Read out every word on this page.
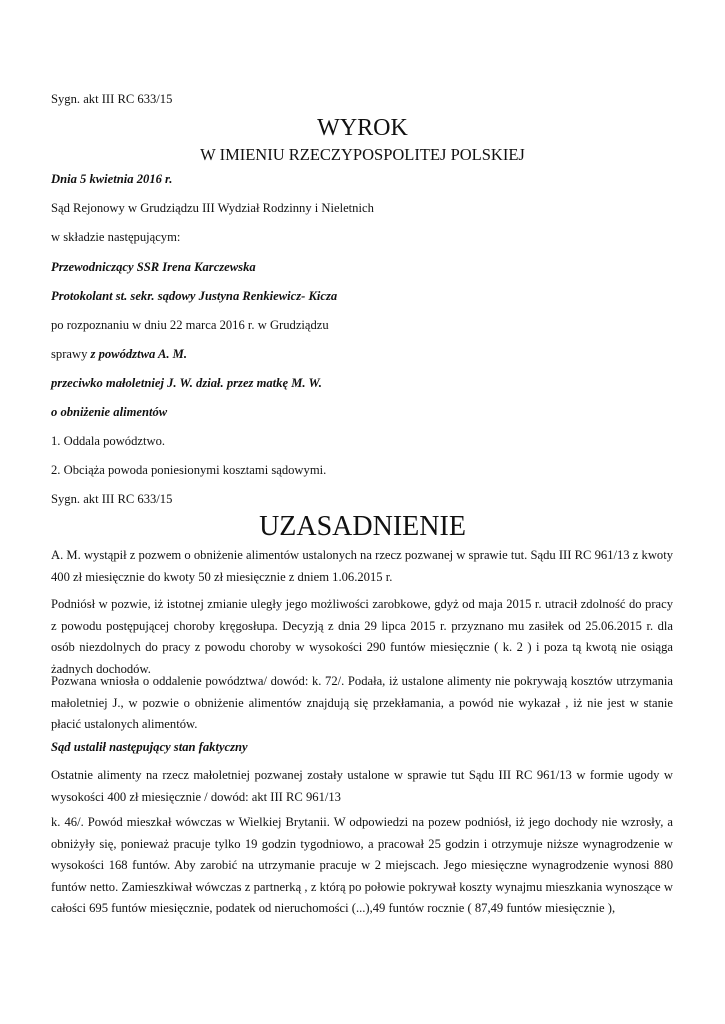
Sygn. akt III RC 633/15

WYROK

W IMIENIU RZECZYPOSPOLITEJ POLSKIEJ

Dnia 5 kwietnia 2016 r.

Sąd Rejonowy w Grudziądzu III Wydział Rodzinny i Nieletnich

w składzie następującym:

Przewodniczący SSR Irena Karczewska

Protokolant st. sekr. sądowy Justyna Renkiewicz- Kicza

po rozpoznaniu w dniu 22 marca 2016 r. w Grudziądzu

sprawy z powództwa A. M.

przeciwko małoletniej J. W. dział. przez matkę M. W.

o obniżenie alimentów

1. Oddala powództwo.

2. Obciąża powoda poniesionymi kosztami sądowymi.

Sygn. akt III RC 633/15

UZASADNIENIE

A. M. wystąpił z pozwem o obniżenie alimentów ustalonych na rzecz pozwanej w sprawie tut. Sądu III RC 961/13 z kwoty 400 zł miesięcznie do kwoty 50 zł miesięcznie z dniem 1.06.2015 r.

Podniósł w pozwie, iż istotnej zmianie uległy jego możliwości zarobkowe, gdyż od maja 2015 r. utracił zdolność do pracy z powodu postępującej choroby kręgosłupa. Decyzją z dnia 29 lipca 2015 r. przyznano mu zasiłek od 25.06.2015 r. dla osób niezdolnych do pracy z powodu choroby w wysokości 290 funtów miesięcznie ( k. 2 ) i poza tą kwotą nie osiąga żadnych dochodów.

Pozwana wniosła o oddalenie powództwa/ dowód: k. 72/. Podała, iż ustalone alimenty nie pokrywają kosztów utrzymania małoletniej J., w pozwie o obniżenie alimentów znajdują się przekłamania, a powód nie wykazał , iż nie jest w stanie płacić ustalonych alimentów.

Sąd ustalił następujący stan faktyczny

Ostatnie alimenty na rzecz małoletniej pozwanej zostały ustalone w sprawie tut Sądu III RC 961/13 w formie ugody w wysokości 400 zł miesięcznie / dowód: akt III RC 961/13

k. 46/. Powód mieszkał wówczas w Wielkiej Brytanii. W odpowiedzi na pozew podniósł, iż jego dochody nie wzrosły, a obniżyły się, ponieważ pracuje tylko 19 godzin tygodniowo, a pracował 25 godzin i otrzymuje niższe wynagrodzenie w wysokości 168 funtów. Aby zarobić na utrzymanie pracuje w 2 miejscach. Jego miesięczne wynagrodzenie wynosi 880 funtów netto. Zamieszkiwał wówczas z partnerką , z którą po połowie pokrywał koszty wynajmu mieszkania wynoszące w całości 695 funtów miesięcznie, podatek od nieruchomości (...),49 funtów rocznie ( 87,49 funtów miesięcznie ),
